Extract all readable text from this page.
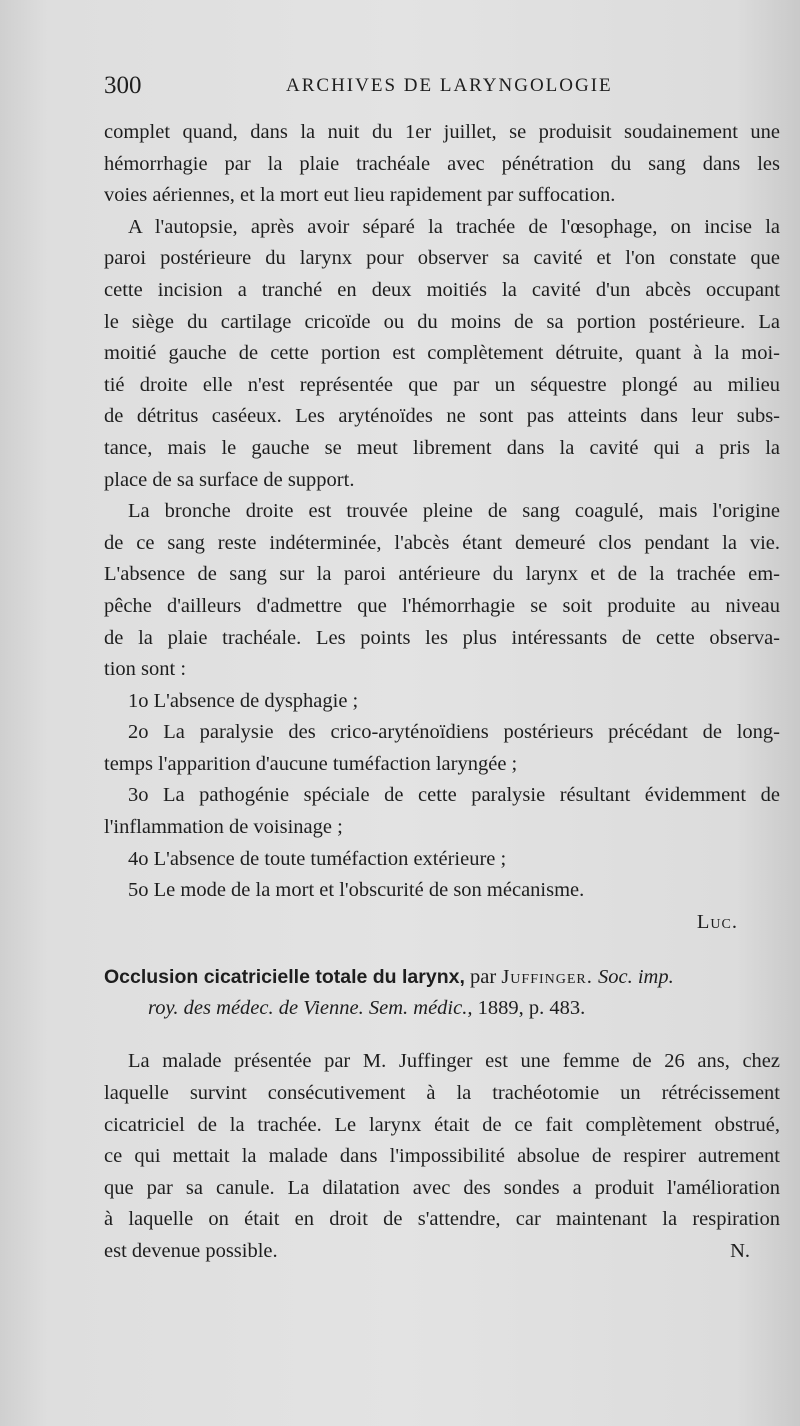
300	ARCHIVES DE LARYNGOLOGIE
complet quand, dans la nuit du 1er juillet, se produisit soudainement une
hémorrhagie par la plaie trachéale avec pénétration du sang dans les
voies aériennes, et la mort eut lieu rapidement par suffocation.
A l'autopsie, après avoir séparé la trachée de l'œsophage, on incise la
paroi postérieure du larynx pour observer sa cavité et l'on constate que
cette incision a tranché en deux moitiés la cavité d'un abcès occupant
le siège du cartilage cricoïde ou du moins de sa portion postérieure. La
moitié gauche de cette portion est complètement détruite, quant à la moi-
tié droite elle n'est représentée que par un séquestre plongé au milieu
de détritus caséeux. Les aryténoïdes ne sont pas atteints dans leur subs-
tance, mais le gauche se meut librement dans la cavité qui a pris la
place de sa surface de support.
La bronche droite est trouvée pleine de sang coagulé, mais l'origine
de ce sang reste indéterminée, l'abcès étant demeuré clos pendant la vie.
L'absence de sang sur la paroi antérieure du larynx et de la trachée em-
pêche d'ailleurs d'admettre que l'hémorrhagie se soit produite au niveau
de la plaie trachéale. Les points les plus intéressants de cette observa-
tion sont :
1o L'absence de dysphagie ;
2o La paralysie des crico-aryténoïdiens postérieurs précédant de long-
temps l'apparition d'aucune tuméfaction laryngée ;
3o La pathogénie spéciale de cette paralysie résultant évidemment de
l'inflammation de voisinage ;
4o L'absence de toute tuméfaction extérieure ;
5o Le mode de la mort et l'obscurité de son mécanisme.
Luc.
Occlusion cicatricielle totale du larynx, par Juffinger. Soc. imp.
roy. des médec. de Vienne. Sem. médic., 1889, p. 483.
La malade présentée par M. Juffinger est une femme de 26 ans, chez
laquelle survint consécutivement à la trachéotomie un rétrécissement
cicatriciel de la trachée. Le larynx était de ce fait complètement obstrué,
ce qui mettait la malade dans l'impossibilité absolue de respirer autrement
que par sa canule. La dilatation avec des sondes a produit l'amélioration
à laquelle on était en droit de s'attendre, car maintenant la respiration
est devenue possible.	N.
